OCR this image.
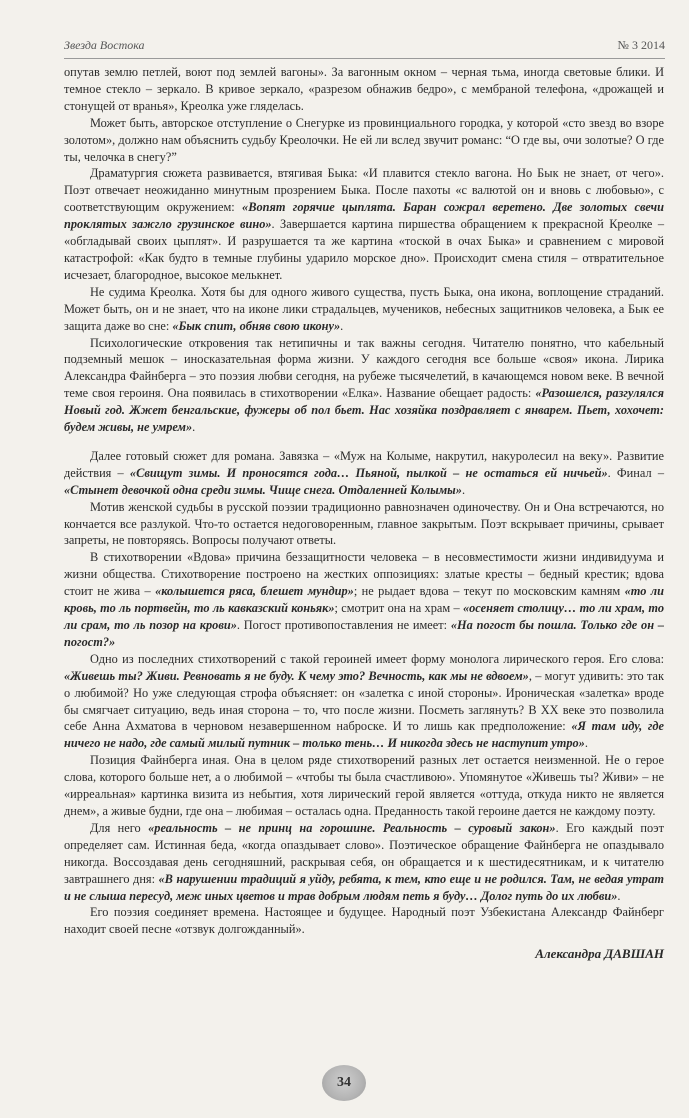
Звезда Востока	№ 3 2014

опутав землю петлей, воют под землей вагоны». За вагонным окном – черная тьма, иногда световые блики. И темное стекло – зеркало. В кривое зеркало, «разрезом обнажив бедро», с мембраной телефона, «дрожащей и стонущей от вранья», Креолка уже гляделась.

Может быть, авторское отступление о Снегурке из провинциального городка, у которой «сто звезд во взоре золотом», должно нам объяснить судьбу Креолочки. Не ей ли вслед звучит романс: “О где вы, очи золотые? О где ты, челочка в снегу?”

Драматургия сюжета развивается, втягивая Быка: «И плавится стекло вагона. Но Бык не знает, от чего». Поэт отвечает неожиданно минутным прозрением Быка. После пахоты «с валютой он и вновь с любовью», с соответствующим окружением: «Вопят горячие цыплята. Баран сожрал веретено. Две золотых свечи проклятых зажгло грузинское вино». Завершается картина пиршества обращением к прекрасной Креолке – «обгладывай своих цыплят». И разрушается та же картина «тоской в очах Быка» и сравнением с мировой катастрофой: «Как будто в темные глубины ударило морское дно». Происходит смена стиля – отвратительное исчезает, благородное, высокое мелькнет.

Не судима Креолка. Хотя бы для одного живого существа, пусть Быка, она икона, воплощение страданий. Может быть, он и не знает, что на иконе лики страдальцев, мучеников, небесных защитников человека, а Бык ее защита даже во сне: «Бык спит, обняв свою икону».

Психологические откровения так нетипичны и так важны сегодня. Читателю понятно, что кабельный подземный мешок – иносказательная форма жизни. У каждого сегодня все больше «своя» икона. Лирика Александра Файнберга – это поэзия любви сегодня, на рубеже тысячелетий, в качающемся новом веке. В вечной теме своя героиня. Она появилась в стихотворении «Елка». Название обещает радость: «Разошелся, разгулялся Новый год. Жжет бенгальские, фужеры об пол бьет. Нас хозяйка поздравляет с январем. Пьет, хохочет: будем живы, не умрем».

Далее готовый сюжет для романа. Завязка – «Муж на Колыме, накрутил, накуролесил на веку». Развитие действия – «Свищут зимы. И проносятся года… Пьяной, пылкой – не остаться ей ничьей». Финал – «Стынет девочкой одна среди зимы. Чище снега. Отдаленней Колымы».

Мотив женской судьбы в русской поэзии традиционно равнозначен одиночеству. Он и Она встречаются, но кончается все разлукой. Что-то остается недоговоренным, главное закрытым. Поэт вскрывает причины, срывает запреты, не повторяясь. Вопросы получают ответы.

В стихотворении «Вдова» причина беззащитности человека – в несовместимости жизни индивидуума и жизни общества. Стихотворение построено на жестких оппозициях: златые кресты – бедный крестик; вдова стоит не жива – «колышется ряса, блешет мундир»; не рыдает вдова – текут по московским камням «то ли кровь, то ль портвейн, то ль кавказский коньяк»; смотрит она на храм – «осеняет столицу… то ли храм, то ли срам, то ль позор на крови». Погост противопоставления не имеет: «На погост бы пошла. Только где он – погост?»

Одно из последних стихотворений с такой героиней имеет форму монолога лирического героя. Его слова: «Живешь ты? Живи. Ревновать я не буду. К чему это? Вечность, как мы не вдвоем», – могут удивить: это так о любимой? Но уже следующая строфа объясняет: он «залетка с иной стороны». Ироническая «залетка» вроде бы смягчает ситуацию, ведь иная сторона – то, что после жизни. Посметь заглянуть? В XX веке это позволила себе Анна Ахматова в черновом незавершенном наброске. И то лишь как предположение: «Я там иду, где ничего не надо, где самый милый путник – только тень… И никогда здесь не наступит утро».

Позиция Файнберга иная. Она в целом ряде стихотворений разных лет остается неизменной. Не о герое слова, которого больше нет, а о любимой – «чтобы ты была счастливою». Упомянутое «Живешь ты? Живи» – не «ирреальная» картинка визита из небытия, хотя лирический герой является «оттуда, откуда никто не является днем», а живые будни, где она – любимая – осталась одна. Преданность такой героине дается не каждому поэту.

Для него «реальность – не принц на горошине. Реальность – суровый закон». Его каждый поэт определяет сам. Истинная беда, «когда опаздывает слово». Поэтическое обращение Файнберга не опаздывало никогда. Воссоздавая день сегодняшний, раскрывая себя, он обращается и к шестидесятникам, и к читателю завтрашнего дня: «В нарушении традиций я уйду, ребята, к тем, кто еще и не родился. Там, не ведая утрат и не слыша пересуд, меж иных цветов и трав добрым людям петь я буду… Долог путь до их любви».

Его поэзия соединяет времена. Настоящее и будущее. Народный поэт Узбекистана Александр Файнберг находит своей песне «отзвук долгожданный».

Александра ДАВШАН
34
